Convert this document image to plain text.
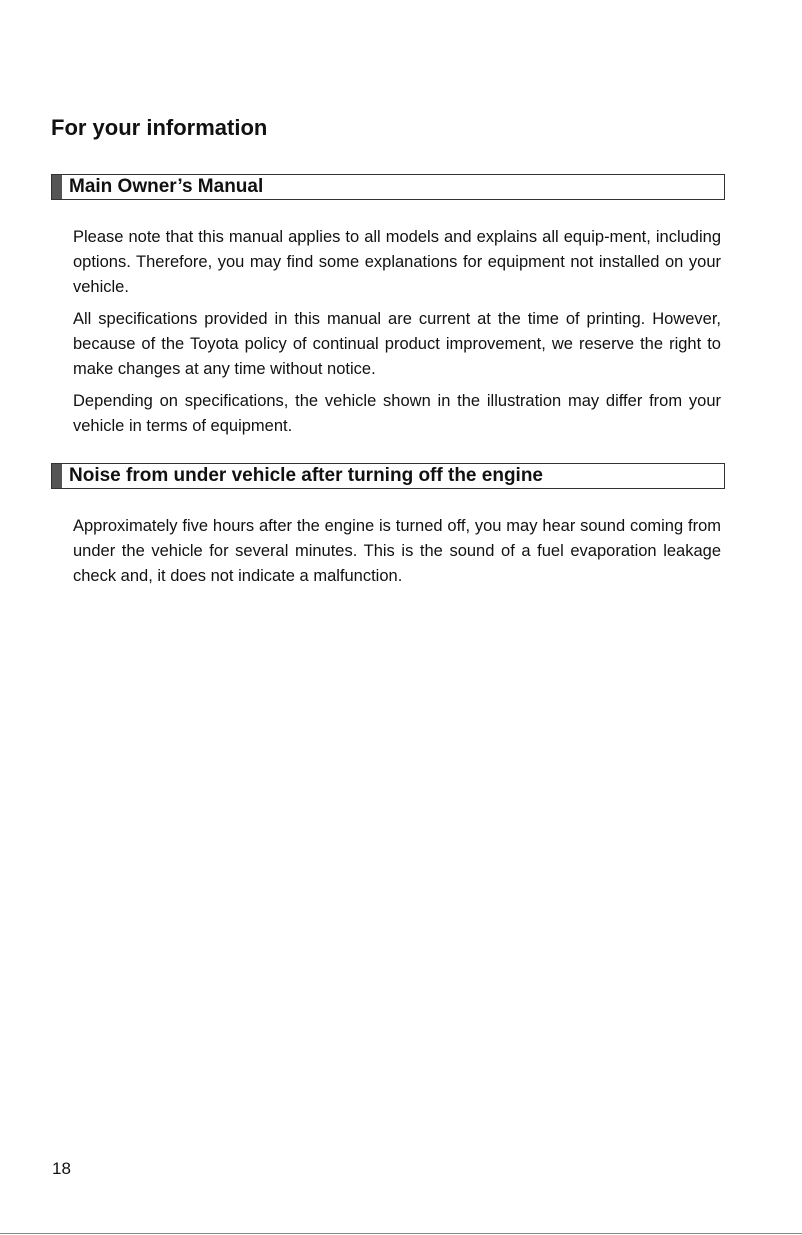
For your information
Main Owner’s Manual

Please note that this manual applies to all models and explains all equip-ment, including options. Therefore, you may find some explanations for equipment not installed on your vehicle.

All specifications provided in this manual are current at the time of printing. However, because of the Toyota policy of continual product improvement, we reserve the right to make changes at any time without notice.

Depending on specifications, the vehicle shown in the illustration may differ from your vehicle in terms of equipment.

Noise from under vehicle after turning off the engine

Approximately five hours after the engine is turned off, you may hear sound coming from under the vehicle for several minutes. This is the sound of a fuel evaporation leakage check and, it does not indicate a malfunction.

18
